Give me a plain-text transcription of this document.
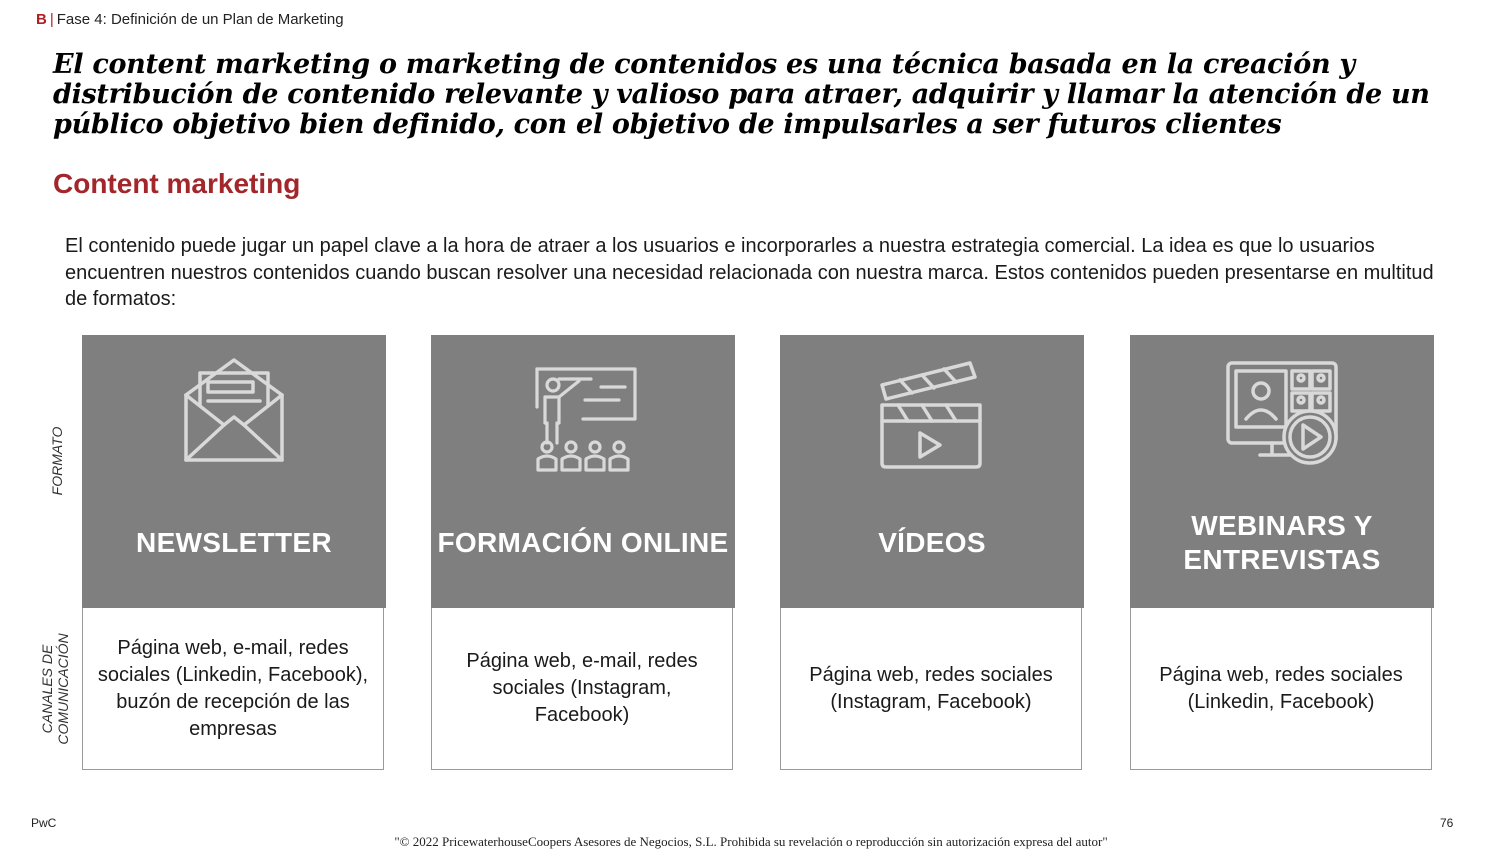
B | Fase 4: Definición de un Plan de Marketing
El content marketing o marketing de contenidos es una técnica basada en la creación y distribución de contenido relevante y valioso para atraer, adquirir y llamar la atención de un público objetivo bien definido, con el objetivo de impulsarles a ser futuros clientes
Content marketing
El contenido puede jugar un papel clave a la hora de atraer a los usuarios e incorporarles a nuestra estrategia comercial. La idea es que lo usuarios encuentren nuestros contenidos cuando buscan resolver una necesidad relacionada con nuestra marca. Estos contenidos pueden presentarse en multitud de formatos:
FORMATO
CANALES DE
COMUNICACIÓN
NEWSLETTER
Página web, e-mail, redes sociales (Linkedin, Facebook), buzón de recepción de las empresas
FORMACIÓN ONLINE
Página web, e-mail, redes sociales (Instagram, Facebook)
VÍDEOS
Página web, redes sociales (Instagram, Facebook)
WEBINARS Y ENTREVISTAS
Página web, redes sociales (Linkedin, Facebook)
PwC	76
"© 2022 PricewaterhouseCoopers Asesores de Negocios, S.L. Prohibida su revelación o reproducción sin autorización expresa del autor"
